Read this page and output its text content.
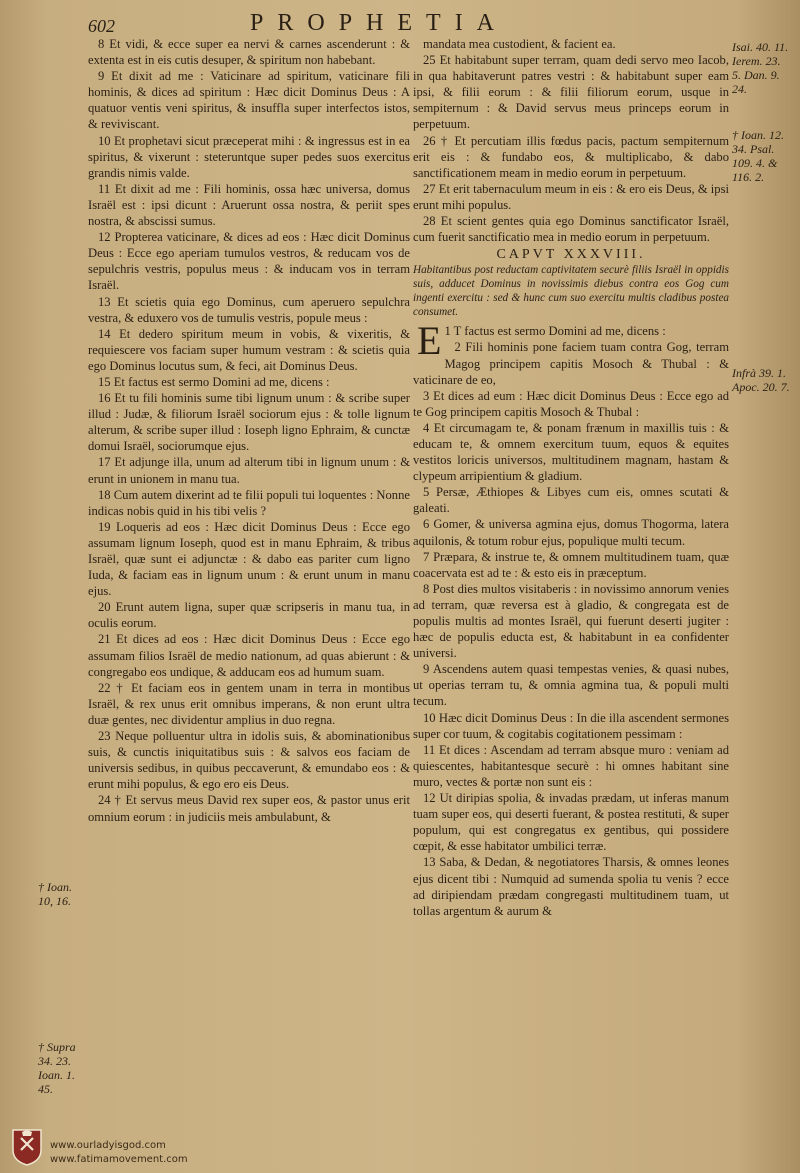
602	PROPHETIA

8 Et vidi, & ecce super ea nervi & carnes ascenderunt : & extenta est in eis cutis desuper, & spiritum non habebant.

9 Et dixit ad me : Vaticinare ad spiritum, vaticinare fili hominis, & dices ad spiritum : Hæc dicit Dominus Deus : A quatuor ventis veni spiritus, & insuffla super interfectos istos, & reviviscant.

10 Et prophetavi sicut præceperat mihi : & ingressus est in ea spiritus, & vixerunt : steteruntque super pedes suos exercitus grandis nimis valde.

11 Et dixit ad me : Fili hominis, ossa hæc universa, domus Israël est : ipsi dicunt : Aruerunt ossa nostra, & periit spes nostra, & abscissi sumus.

12 Propterea vaticinare, & dices ad eos : Hæc dicit Dominus Deus : Ecce ego aperiam tumulos vestros, & reducam vos de sepulchris vestris, populus meus : & inducam vos in terram Israël.

13 Et scietis quia ego Dominus, cum aperuero sepulchra vestra, & eduxero vos de tumulis vestris, popule meus :

14 Et dedero spiritum meum in vobis, & vixeritis, & requiescere vos faciam super humum vestram : & scietis quia ego Dominus locutus sum, & feci, ait Dominus Deus.

15 Et factus est sermo Domini ad me, dicens :

16 Et tu fili hominis sume tibi lignum unum : & scribe super illud : Judæ, & filiorum Israël sociorum ejus : & tolle lignum alterum, & scribe super illud : Ioseph ligno Ephraim, & cunctæ domui Israël, sociorumque ejus.

17 Et adjunge illa, unum ad alterum tibi in lignum unum : & erunt in unionem in manu tua.

18 Cum autem dixerint ad te filii populi tui loquentes : Nonne indicas nobis quid in his tibi velis ?

19 Loqueris ad eos : Hæc dicit Dominus Deus : Ecce ego assumam lignum Ioseph, quod est in manu Ephraim, & tribus Israël, quæ sunt ei adjunctæ : & dabo eas pariter cum ligno Iuda, & faciam eas in lignum unum : & erunt unum in manu ejus.

20 Erunt autem ligna, super quæ scripseris in manu tua, in oculis eorum.

21 Et dices ad eos : Hæc dicit Dominus Deus : Ecce ego assumam filios Israël de medio nationum, ad quas abierunt : & congregabo eos undique, & adducam eos ad humum suam.

22 † Et faciam eos in gentem unam in terra in montibus Israël, & rex unus erit omnibus imperans, & non erunt ultra duæ gentes, nec dividentur amplius in duo regna.

23 Neque polluentur ultra in idolis suis, & abominationibus suis, & cunctis iniquitatibus suis : & salvos eos faciam de universis sedibus, in quibus peccaverunt, & emundabo eos : & erunt mihi populus, & ego ero eis Deus.

24 † Et servus meus David rex super eos, & pastor unus erit omnium eorum : in judiciis meis ambulabunt, &

mandata mea custodient, & facient ea.

25 Et habitabunt super terram, quam dedi servo meo Iacob, in qua habitaverunt patres vestri : & habitabunt super eam ipsi, & filii eorum : & filii filiorum eorum, usque in sempiternum : & David servus meus princeps eorum in perpetuum.

26 † Et percutiam illis fœdus pacis, pactum sempiternum erit eis : & fundabo eos, & multiplicabo, & dabo sanctificationem meam in medio eorum in perpetuum.

27 Et erit tabernaculum meum in eis : & ero eis Deus, & ipsi erunt mihi populus.

28 Et scient gentes quia ego Dominus sanctificator Israël, cum fuerit sanctificatio mea in medio eorum in perpetuum.

CAPVT XXXVIII.

Habitantibus post reductam captivitatem securè filiis Israël in oppidis suis, adducet Dominus in novissimis diebus contra eos Gog cum ingenti exercitu : sed & hunc cum suo exercitu multis cladibus postea consumet.

E 1 T factus est sermo Domini ad me, dicens :

2 Fili hominis pone faciem tuam contra Gog, terram Magog principem capitis Mosoch & Thubal : & vaticinare de eo,

3 Et dices ad eum : Hæc dicit Dominus Deus : Ecce ego ad te Gog principem capitis Mosoch & Thubal :

4 Et circumagam te, & ponam frænum in maxillis tuis : & educam te, & omnem exercitum tuum, equos & equites vestitos loricis universos, multitudinem magnam, hastam & clypeum arripientium & gladium.

5 Persæ, Æthiopes & Libyes cum eis, omnes scutati & galeati.

6 Gomer, & universa agmina ejus, domus Thogorma, latera aquilonis, & totum robur ejus, populique multi tecum.

7 Præpara, & instrue te, & omnem multitudinem tuam, quæ coacervata est ad te : & esto eis in præceptum.

8 Post dies multos visitaberis : in novissimo annorum venies ad terram, quæ reversa est à gladio, & congregata est de populis multis ad montes Israël, qui fuerunt deserti jugiter : hæc de populis educta est, & habitabunt in ea confidenter universi.

9 Ascendens autem quasi tempestas venies, & quasi nubes, ut operias terram tu, & omnia agmina tua, & populi multi tecum.

10 Hæc dicit Dominus Deus : In die illa ascendent sermones super cor tuum, & cogitabis cogitationem pessimam :

11 Et dices : Ascendam ad terram absque muro : veniam ad quiescentes, habitantesque securè : hi omnes habitant sine muro, vectes & portæ non sunt eis :

12 Ut diripias spolia, & invadas prædam, ut inferas manum tuam super eos, qui deserti fuerant, & postea restituti, & super populum, qui est congregatus ex gentibus, qui possidere cœpit, & esse habitator umbilici terræ.

13 Saba, & Dedan, & negotiatores Tharsis, & omnes leones ejus dicent tibi : Numquid ad sumenda spolia tu venis ? ecce ad diripiendam prædam congregasti multitudinem tuam, ut tollas argentum & aurum &

† Ioan. 10, 16.
† Supra 34. 23. Ioan. 1. 45.
Isai. 40. 11. Ierem. 23. 5. Dan. 9. 24.
† Ioan. 12. 34. Psal. 109. 4. & 116. 2.
Infrà 39. 1. Apoc. 20. 7.
www.ourladyisgod.com
www.fatimamovement.com
